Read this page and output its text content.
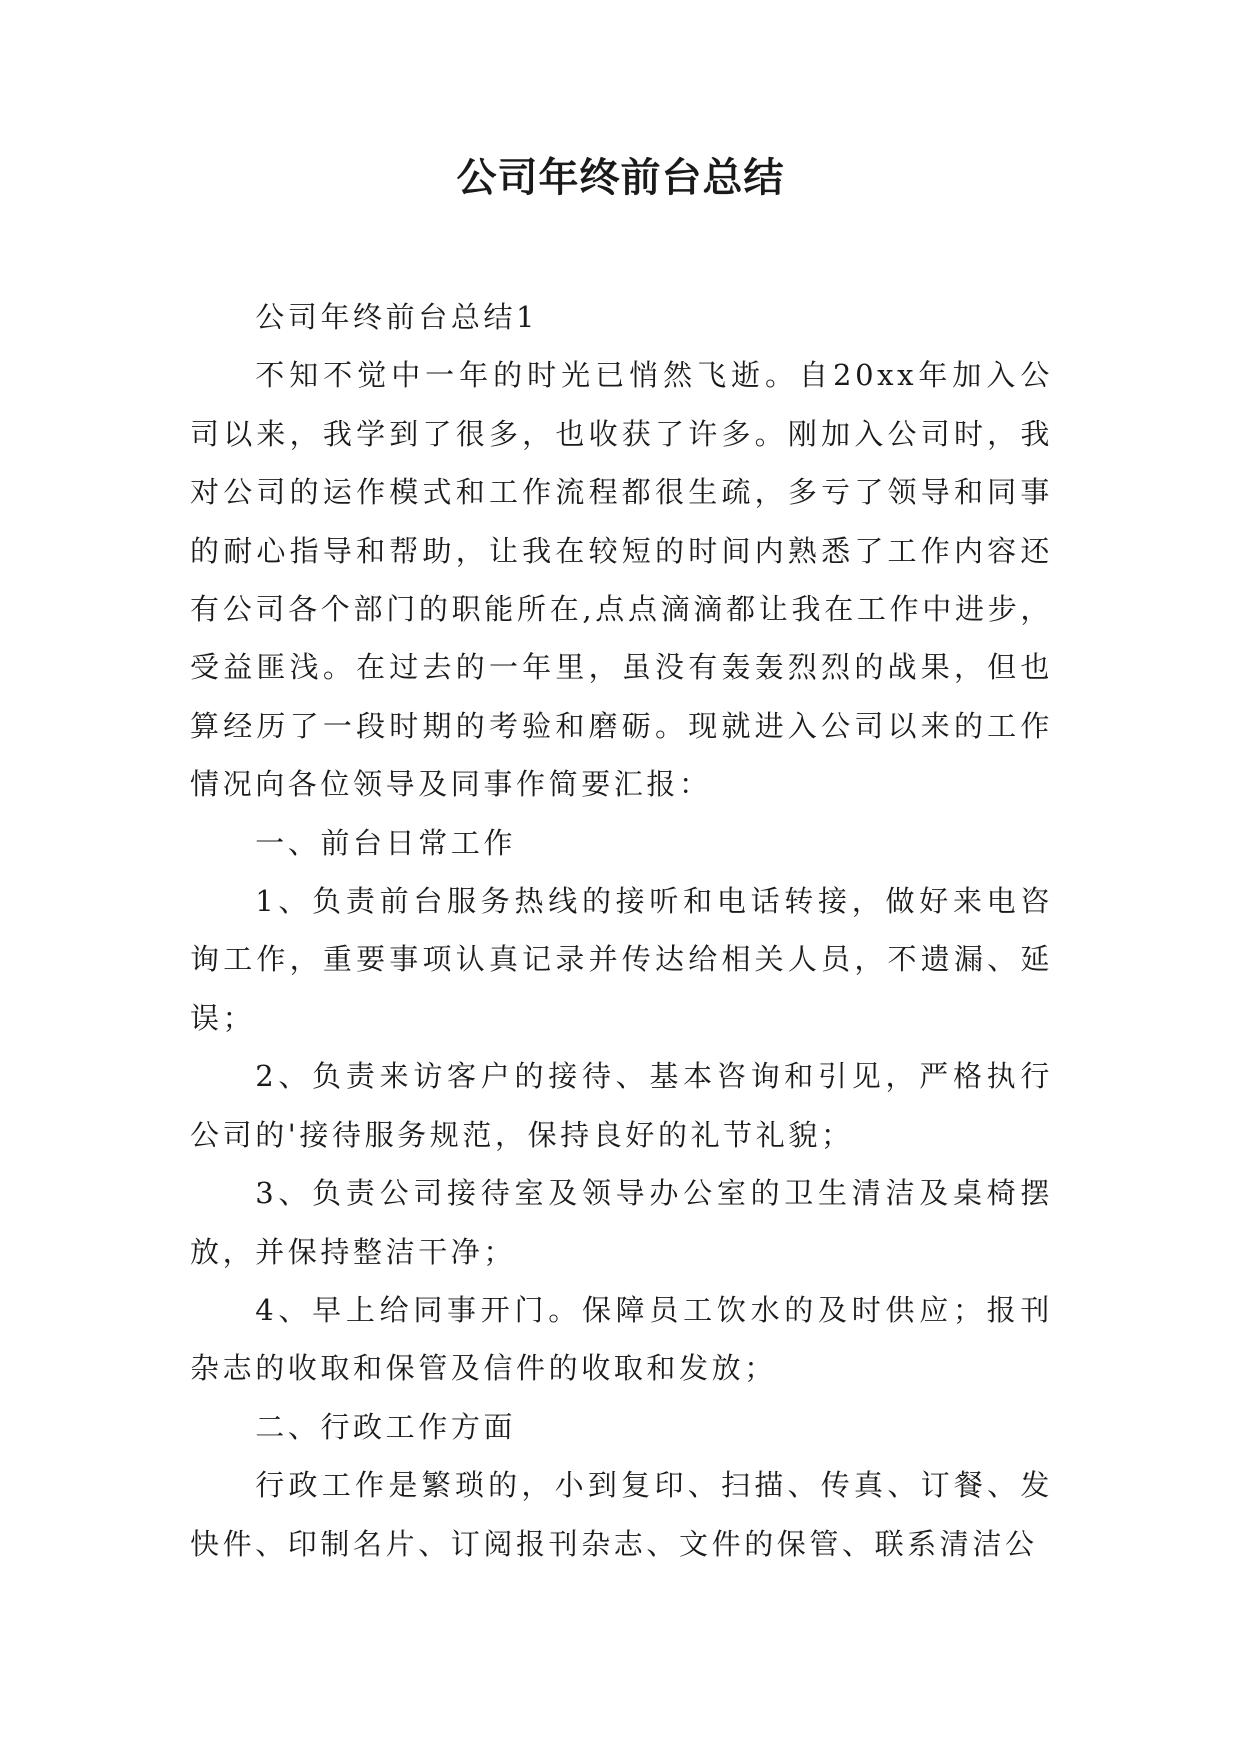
公司年终前台总结

公司年终前台总结1

不知不觉中一年的时光已悄然飞逝。自20xx年加入公司以来，我学到了很多，也收获了许多。刚加入公司时，我对公司的运作模式和工作流程都很生疏，多亏了领导和同事的耐心指导和帮助，让我在较短的时间内熟悉了工作内容还有公司各个部门的职能所在,点点滴滴都让我在工作中进步，受益匪浅。在过去的一年里，虽没有轰轰烈烈的战果，但也算经历了一段时期的考验和磨砺。现就进入公司以来的工作情况向各位领导及同事作简要汇报：

一、前台日常工作

1、负责前台服务热线的接听和电话转接，做好来电咨询工作，重要事项认真记录并传达给相关人员，不遗漏、延误；

2、负责来访客户的接待、基本咨询和引见，严格执行公司的'接待服务规范，保持良好的礼节礼貌；

3、负责公司接待室及领导办公室的卫生清洁及桌椅摆放，并保持整洁干净；

4、早上给同事开门。保障员工饮水的及时供应；报刊杂志的收取和保管及信件的收取和发放；

二、行政工作方面

行政工作是繁琐的，小到复印、扫描、传真、订餐、发快件、印制名片、订阅报刊杂志、文件的保管、联系清洁公
